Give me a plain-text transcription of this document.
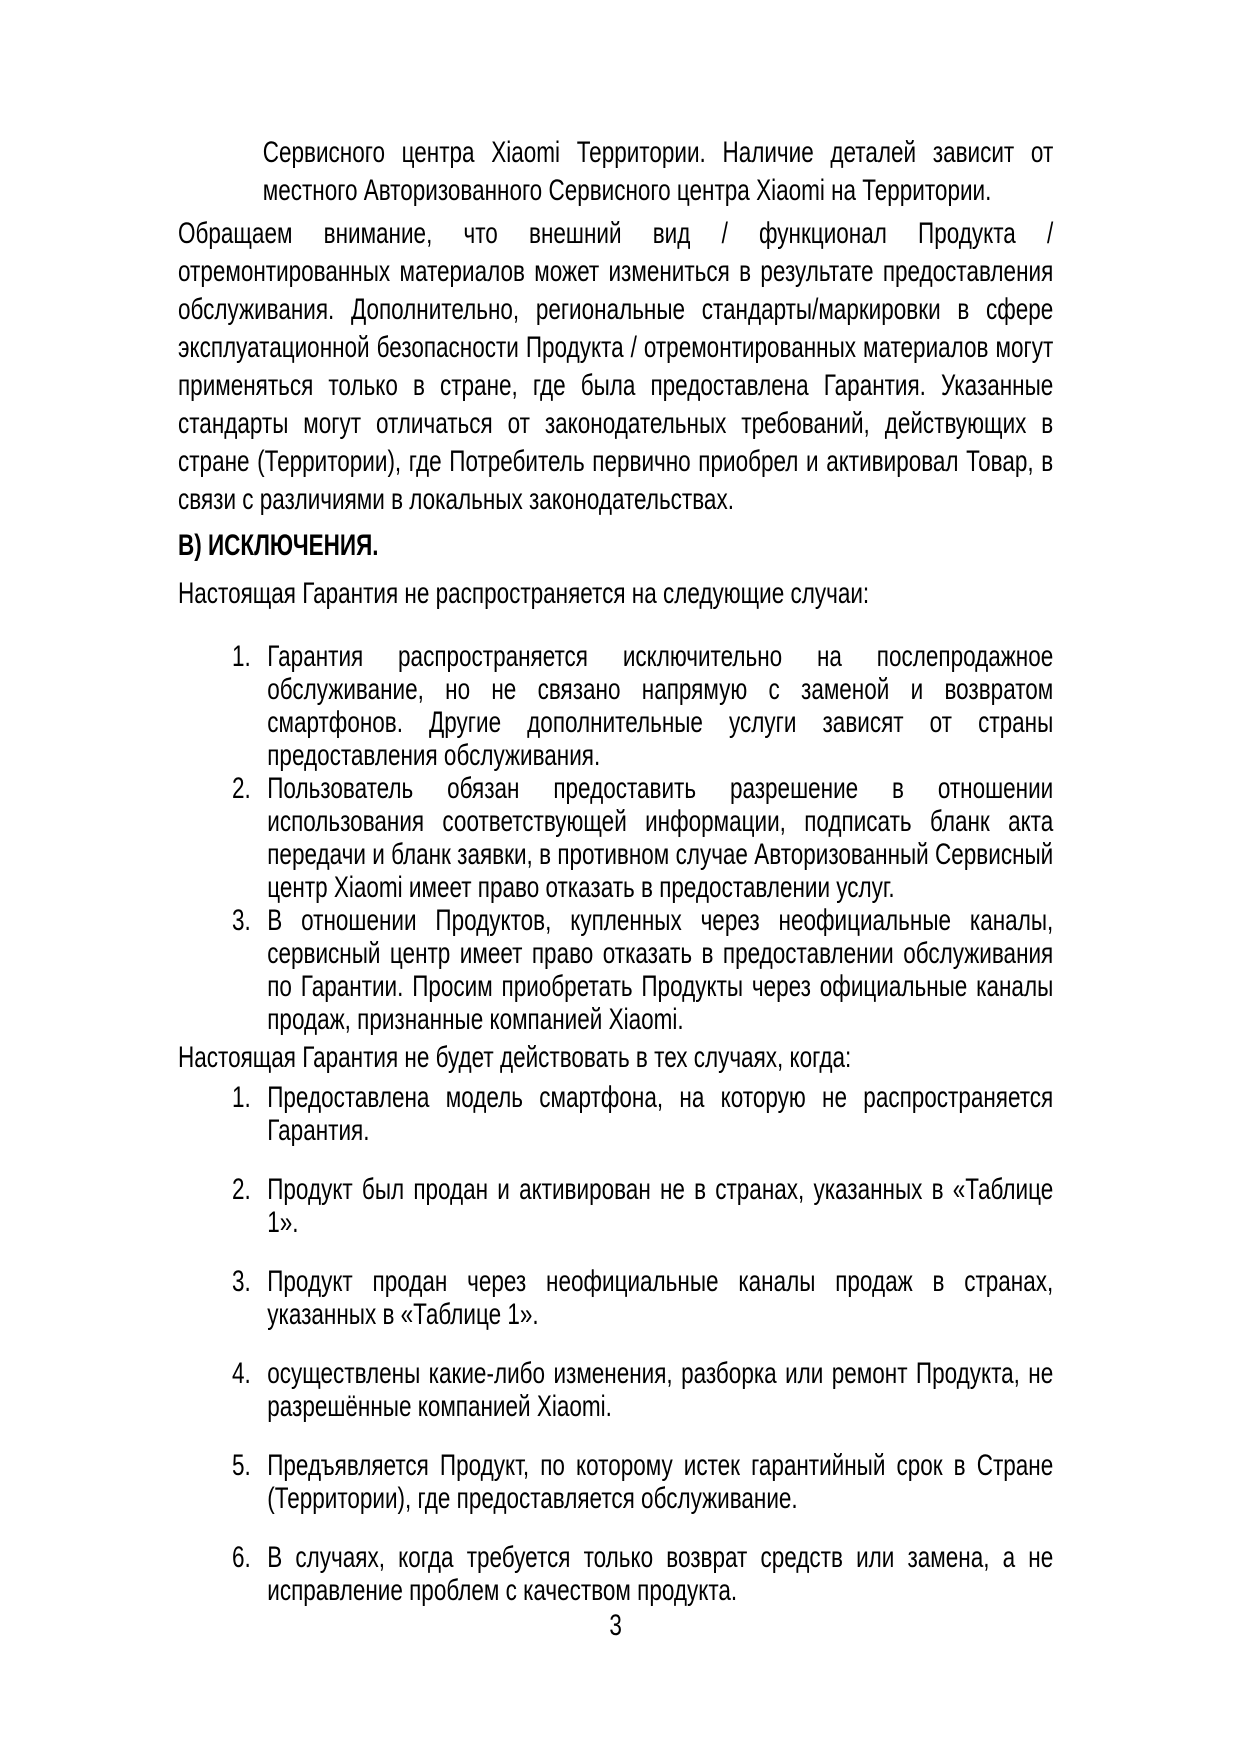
Сервисного центра Xiaomi Территории. Наличие деталей зависит от местного Авторизованного Сервисного центра Xiaomi на Территории.

Обращаем внимание, что внешний вид / функционал Продукта / отремонтированных материалов может измениться в результате предоставления обслуживания. Дополнительно, региональные стандарты/маркировки в сфере эксплуатационной безопасности Продукта / отремонтированных материалов могут применяться только в стране, где была предоставлена Гарантия. Указанные стандарты могут отличаться от законодательных требований, действующих в стране (Территории), где Потребитель первично приобрел и активировал Товар, в связи с различиями в локальных законодательствах.

В) ИСКЛЮЧЕНИЯ.

Настоящая Гарантия не распространяется на следующие случаи:

1. Гарантия распространяется исключительно на послепродажное обслуживание, но не связано напрямую с заменой и возвратом смартфонов. Другие дополнительные услуги зависят от страны предоставления обслуживания.
2. Пользователь обязан предоставить разрешение в отношении использования соответствующей информации, подписать бланк акта передачи и бланк заявки, в противном случае Авторизованный Сервисный центр Xiaomi имеет право отказать в предоставлении услуг.
3. В отношении Продуктов, купленных через неофициальные каналы, сервисный центр имеет право отказать в предоставлении обслуживания по Гарантии. Просим приобретать Продукты через официальные каналы продаж, признанные компанией Xiaomi.

Настоящая Гарантия не будет действовать в тех случаях, когда:

1. Предоставлена модель смартфона, на которую не распространяется Гарантия.
2. Продукт был продан и активирован не в странах, указанных в «Таблице 1».
3. Продукт продан через неофициальные каналы продаж в странах, указанных в «Таблице 1».
4. осуществлены какие-либо изменения, разборка или ремонт Продукта, не разрешённые компанией Xiaomi.
5. Предъявляется Продукт, по которому истек гарантийный срок в Стране (Территории), где предоставляется обслуживание.
6. В случаях, когда требуется только возврат средств или замена, а не исправление проблем с качеством продукта.

3
